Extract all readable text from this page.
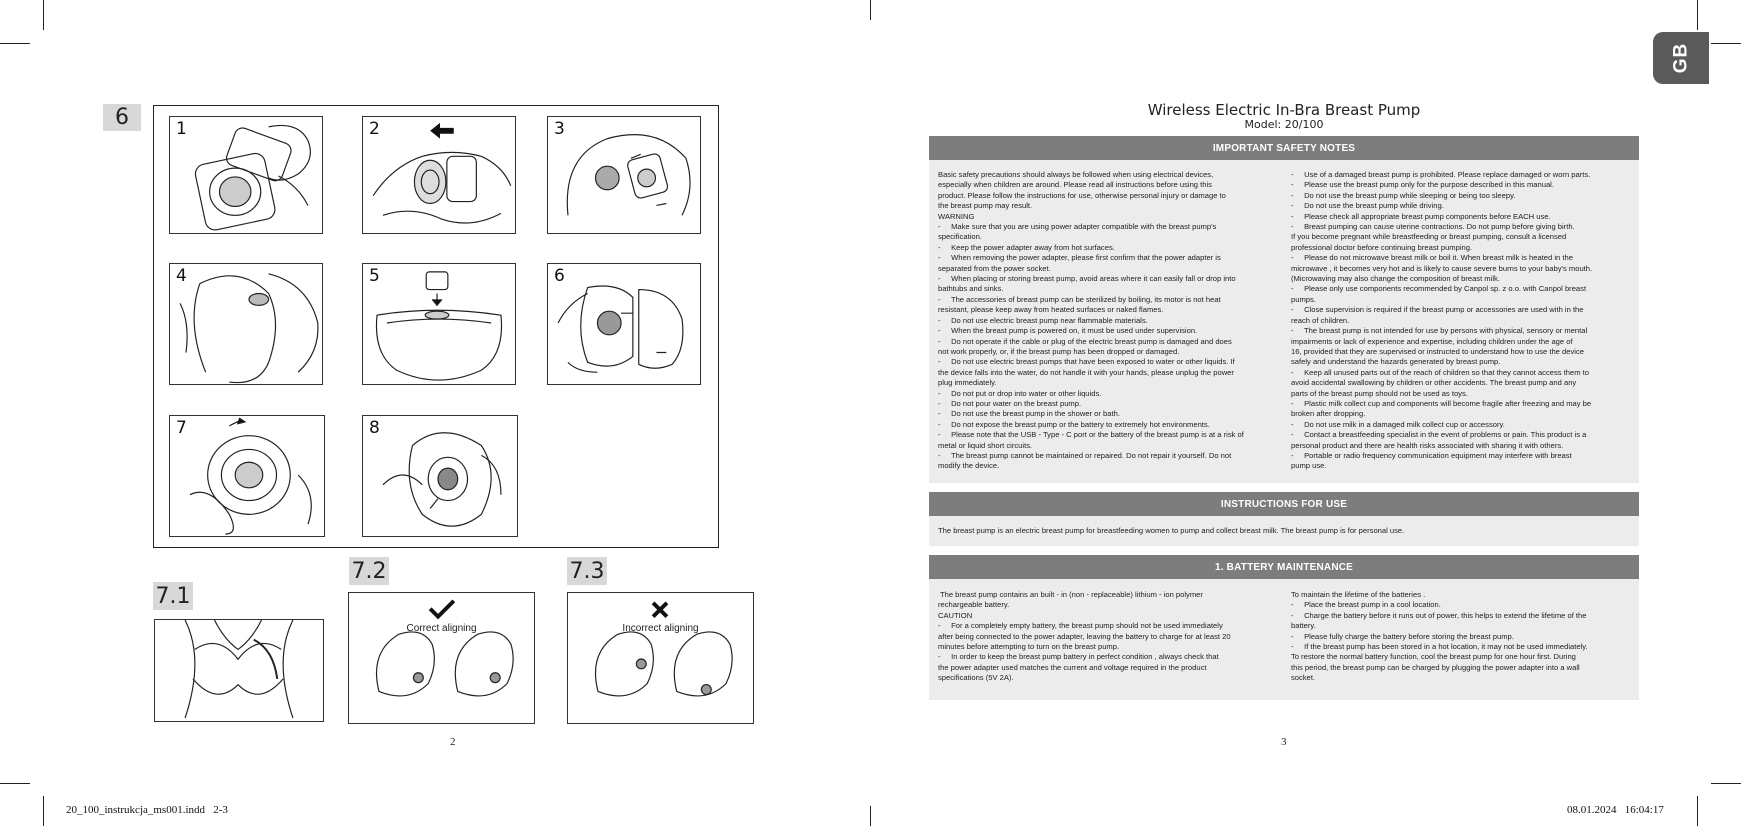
6	1	2	3
4	5	6
7	8
7.1
7.2
Correct aligning
7.3
Incorrect aligning
2
GB
Wireless Electric In-Bra Breast Pump
Model: 20/100
IMPORTANT SAFETY NOTES

Basic safety precautions should always be followed when using electrical devices,

especially when children are around. Please read all instructions before using this

product. Please follow the instructions for use, otherwise personal injury or damage to

the breast pump may result.

WARNING

-     Make sure that you are using power adapter compatible with the breast pump's

specification.

-     Keep the power adapter away from hot surfaces.

-     When removing the power adapter, please first confirm that the power adapter is

separated from the power socket.

-     When placing or storing breast pump, avoid areas where it can easily fall or drop into

bathtubs and sinks.

-     The accessories of breast pump can be sterilized by boiling, its motor is not heat

resistant, please keep away from heated surfaces or naked flames.

-     Do not use electric breast pump near flammable materials.

-     When the breast pump is powered on, it must be used under supervision.

-     Do not operate if the cable or plug of the electric breast pump is damaged and does

not work properly, or, if the breast pump has been dropped or damaged.

-     Do not use electric breast pumps that have been exposed to water or other liquids. If

the device falls into the water, do not handle it with your hands, please unplug the power

plug immediately.

-     Do not put or drop into water or other liquids.

-     Do not pour water on the breast pump.

-     Do not use the breast pump in the shower or bath.

-     Do not expose the breast pump or the battery to extremely hot environments.

-     Please note that the USB - Type - C port or the battery of the breast pump is at a risk of

metal or liquid short circuits.

-     The breast pump cannot be maintained or repaired. Do not repair it yourself. Do not

modify the device.

-     Use of a damaged breast pump is prohibited. Please replace damaged or worn parts.

-     Please use the breast pump only for the purpose described in this manual.

-     Do not use the breast pump while sleeping or being too sleepy.

-     Do not use the breast pump while driving.

-     Please check all appropriate breast pump components before EACH use.

-     Breast pumping can cause uterine contractions. Do not pump before giving birth.

If you become pregnant while breastfeeding or breast pumping, consult a licensed

professional doctor before continuing breast pumping.

-     Please do not microwave breast milk or boil it. When breast milk is heated in the

microwave , it becomes very hot and is likely to cause severe burns to your baby's mouth.

(Microwaving may also change the composition of breast milk.

-     Please only use components recommended by Canpol sp. z o.o. with Canpol breast

pumps.

-     Close supervision is required if the breast pump or accessories are used with in the

reach of children.

-     The breast pump is not intended for use by persons with physical, sensory or mental

impairments or lack of experience and expertise, including children under the age of

16, provided that they are supervised or instructed to understand how to use the device

safely and understand the hazards generated by breast pump.

-     Keep all unused parts out of the reach of children so that they cannot access them to

avoid accidental swallowing by children or other accidents. The breast pump and any

parts of the breast pump should not be used as toys.

-     Plastic milk collect cup and components will become fragile after freezing and may be

broken after dropping.

-     Do not use milk in a damaged milk collect cup or accessory.

-     Contact a breastfeeding specialist in the event of problems or pain. This product is a

personal product and there are health risks associated with sharing it with others.

-     Portable or radio frequency communication equipment may interfere with breast

pump use.

INSTRUCTIONS FOR USE
The breast pump is an electric breast pump for breastfeeding women to pump and collect breast milk. The breast pump is for personal use.
1. BATTERY MAINTENANCE

The breast pump contains an built - in (non - replaceable) lithium - ion polymer

rechargeable battery.

CAUTION

-     For a completely empty battery, the breast pump should not be used immediately

after being connected to the power adapter, leaving the battery to charge for at least 20

minutes before attempting to turn on the breast pump.

-     In order to keep the breast pump battery in perfect condition , always check that

the power adapter used matches the current and voltage required in the product

specifications (5V 2A).

To maintain the lifetime of the batteries .

-     Place the breast pump in a cool location.

-     Charge the battery before it runs out of power, this helps to extend the lifetime of the

battery.

-     Please fully charge the battery before storing the breast pump.

-     If the breast pump has been stored in a hot location, it may not be used immediately.

To restore the normal battery function, cool the breast pump for one hour first. During

this period, the breast pump can be charged by plugging the power adapter into a wall

socket.

3
20_100_instrukcja_ms001.indd   2-3	08.01.2024   16:04:17
